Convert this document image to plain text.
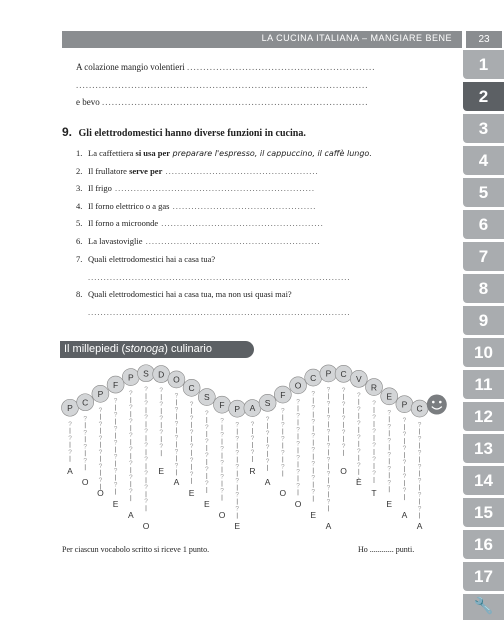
LA CUCINA ITALIANA – MANGIARE BENE	23
1
2
3
4
5
6
7
8
9
10
11
12
13
14
15
16
17
🔧
A colazione mangio volentieri ..........................................................
..........................................................................................
e bevo ..................................................................................
9. Gli elettrodomestici hanno diverse funzioni in cucina.
1. La caffettiera si usa per preparare l'espresso, il cappuccino, il caffè lungo.
2. Il frullatore serve per .................................................
3. Il frigo ................................................................
4. Il forno elettrico o a gas ..............................................
5. Il forno a microonde ....................................................
6. La lavastoviglie ........................................................
7. Quali elettrodomestici hai a casa tua?
....................................................................................
8. Quali elettrodomestici hai a casa tua, ma non usi quasi mai?
....................................................................................
Il millepiedi (stonoga) culinario
P
?
?
?
A
C
?
?
?
?
O
P
?
?
?
?
?
?
O
F
?
?
?
?
?
?
?
E
P
?
?
?
?
?
?
?
?
A
S
?
?
?
?
?
?
?
?
?
O
D
?
?
?
?
?
E
O
?
?
?
?
?
?
A
C
?
?
?
?
?
?
E
S
?
?
?
?
?
?
E
F
?
?
?
?
?
?
O
P
?
?
?
?
?
?
?
E
A
?
?
?
R
S
?
?
?
?
A
F
?
?
?
?
?
O
O
?
?
?
?
?
?
?
O
C
?
?
?
?
?
?
?
?
E
P
?
?
?
?
?
?
?
?
?
A
C
?
?
?
?
?
O
V
?
?
?
?
?
?
È
R
?
?
?
?
?
?
T
E
?
?
?
?
?
?
E
P
?
?
?
?
?
?
A
C
?
?
?
?
?
?
?
A
Per ciascun vocabolo scritto si riceve 1 punto.	Ho ............ punti.
